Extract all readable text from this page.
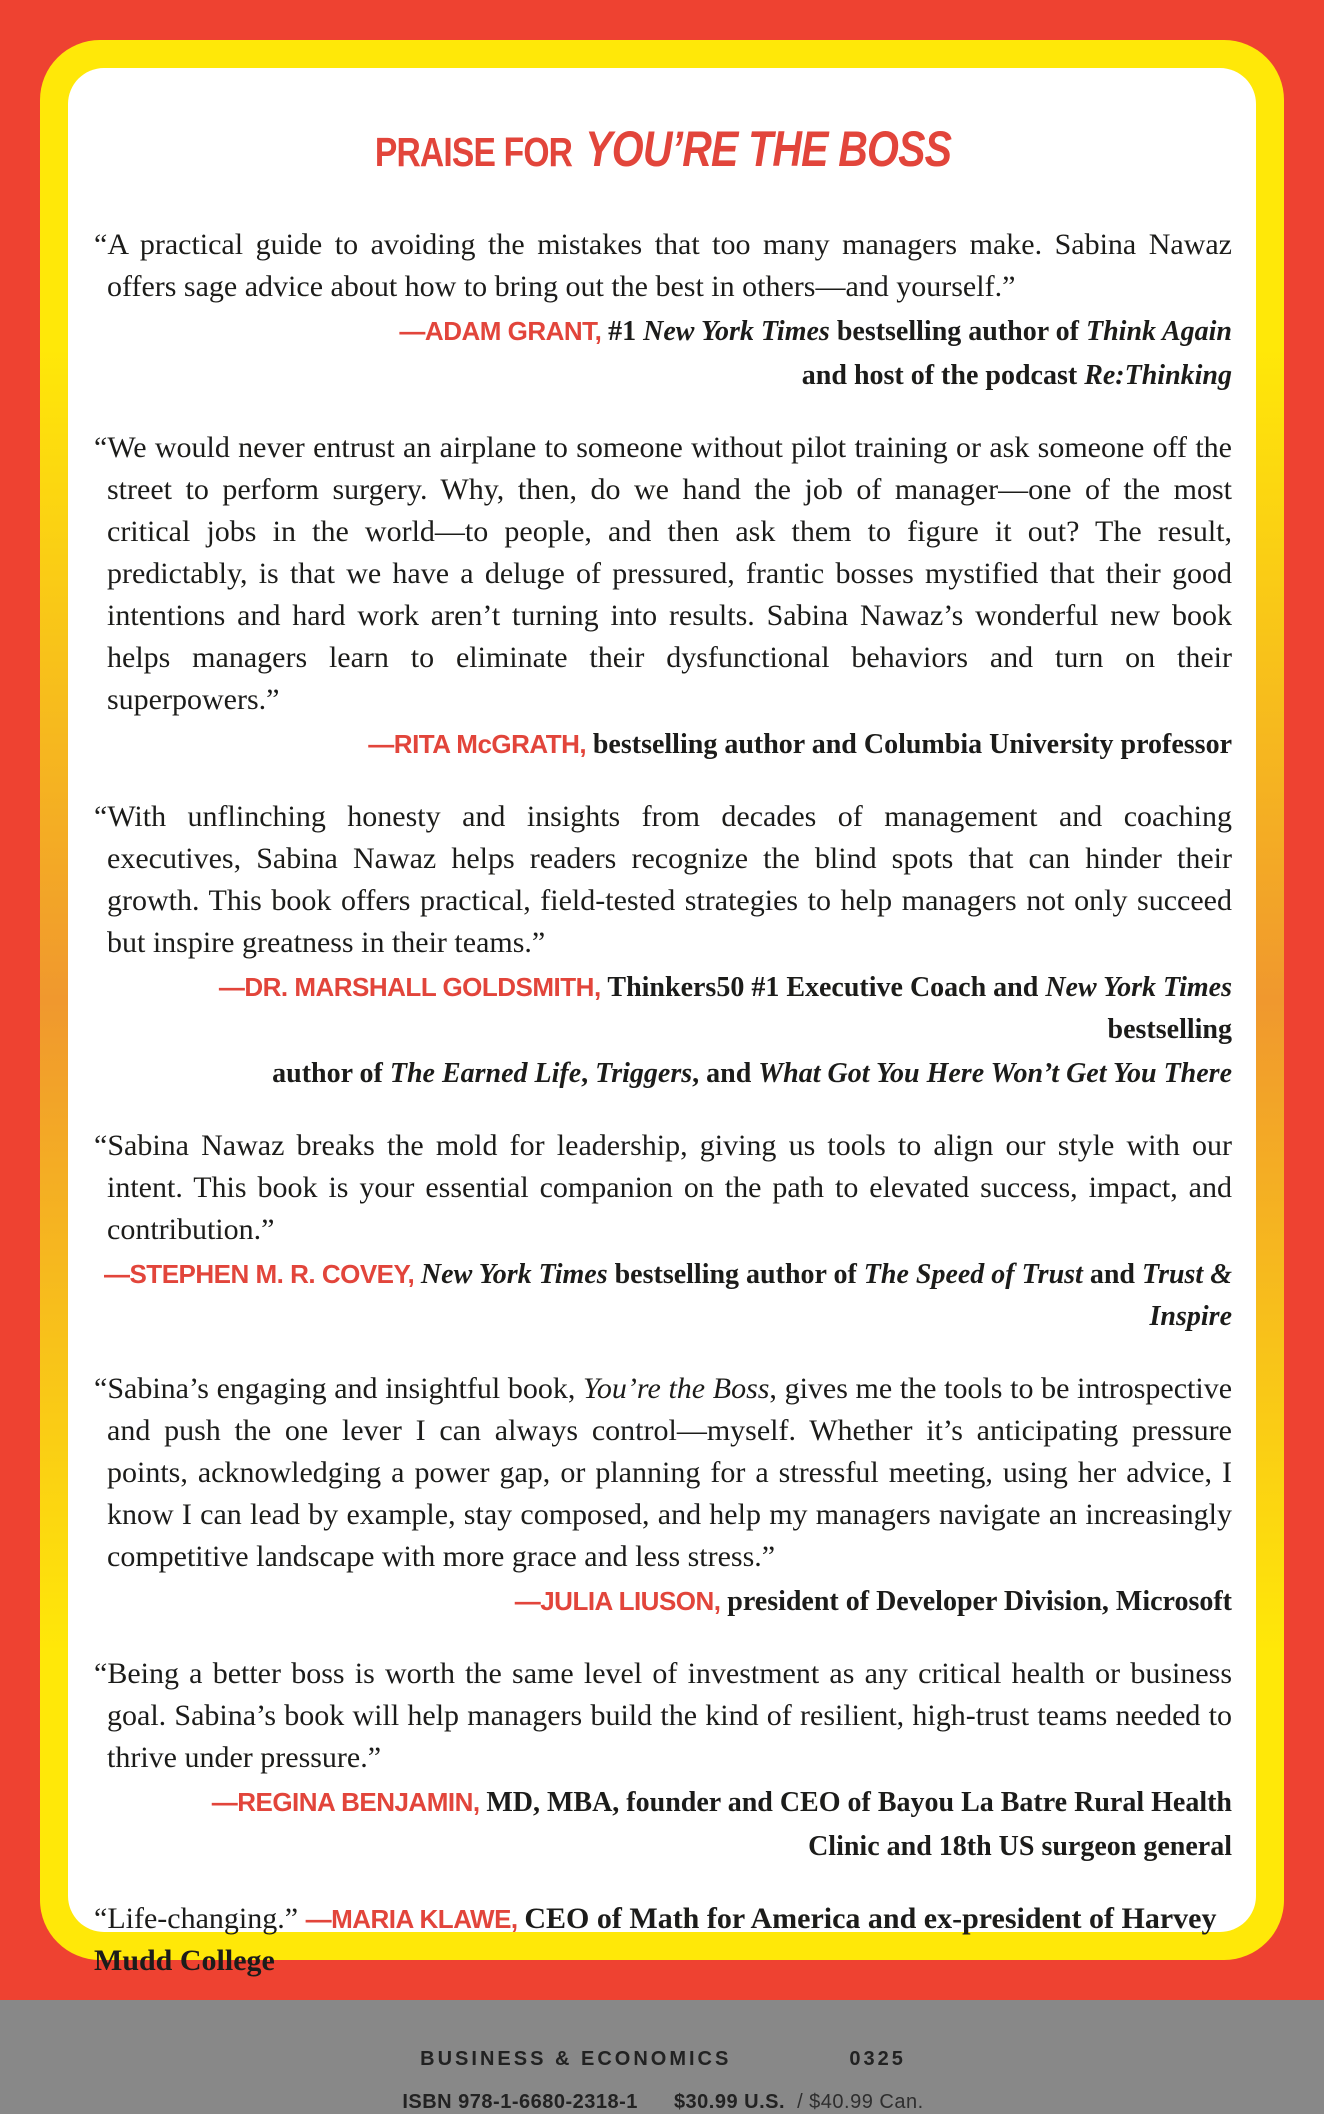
PRAISE FOR YOU’RE THE BOSS

“A practical guide to avoiding the mistakes that too many managers make. Sabina Nawaz offers sage advice about how to bring out the best in others—and yourself.”

—ADAM GRANT, #1 New York Times bestselling author of Think Again

and host of the podcast Re:Thinking

“We would never entrust an airplane to someone without pilot training or ask someone off the street to perform surgery. Why, then, do we hand the job of manager—one of the most critical jobs in the world—to people, and then ask them to figure it out? The result, predictably, is that we have a deluge of pressured, frantic bosses mystified that their good intentions and hard work aren’t turning into results. Sabina Nawaz’s wonderful new book helps managers learn to eliminate their dysfunctional behaviors and turn on their superpowers.”

—RITA MᴄGRATH, bestselling author and Columbia University professor

“With unflinching honesty and insights from decades of management and coaching executives, Sabina Nawaz helps readers recognize the blind spots that can hinder their growth. This book offers practical, field-tested strategies to help managers not only succeed but inspire greatness in their teams.”

—DR. MARSHALL GOLDSMITH, Thinkers50 #1 Executive Coach and New York Times bestselling

author of The Earned Life, Triggers, and What Got You Here Won’t Get You There

“Sabina Nawaz breaks the mold for leadership, giving us tools to align our style with our intent. This book is your essential companion on the path to elevated success, impact, and contribution.”

—STEPHEN M. R. COVEY, New York Times bestselling author of The Speed of Trust and Trust & Inspire

“Sabina’s engaging and insightful book, You’re the Boss, gives me the tools to be introspective and push the one lever I can always control—myself. Whether it’s anticipating pressure points, acknowledging a power gap, or planning for a stressful meeting, using her advice, I know I can lead by example, stay composed, and help my managers navigate an increasingly competitive landscape with more grace and less stress.”

—JULIA LIUSON, president of Developer Division, Microsoft

“Being a better boss is worth the same level of investment as any critical health or business goal. Sabina’s book will help managers build the kind of resilient, high-trust teams needed to thrive under pressure.”

—REGINA BENJAMIN, MD, MBA, founder and CEO of Bayou La Batre Rural Health

Clinic and 18th US surgeon general

“Life-changing.” —MARIA KLAWE, CEO of Math for America and ex-president of Harvey Mudd College

BUSINESS & ECONOMICS	0325
ISBN 978-1-6680-2318-1 $30.99 U.S. / $40.99 Can.
